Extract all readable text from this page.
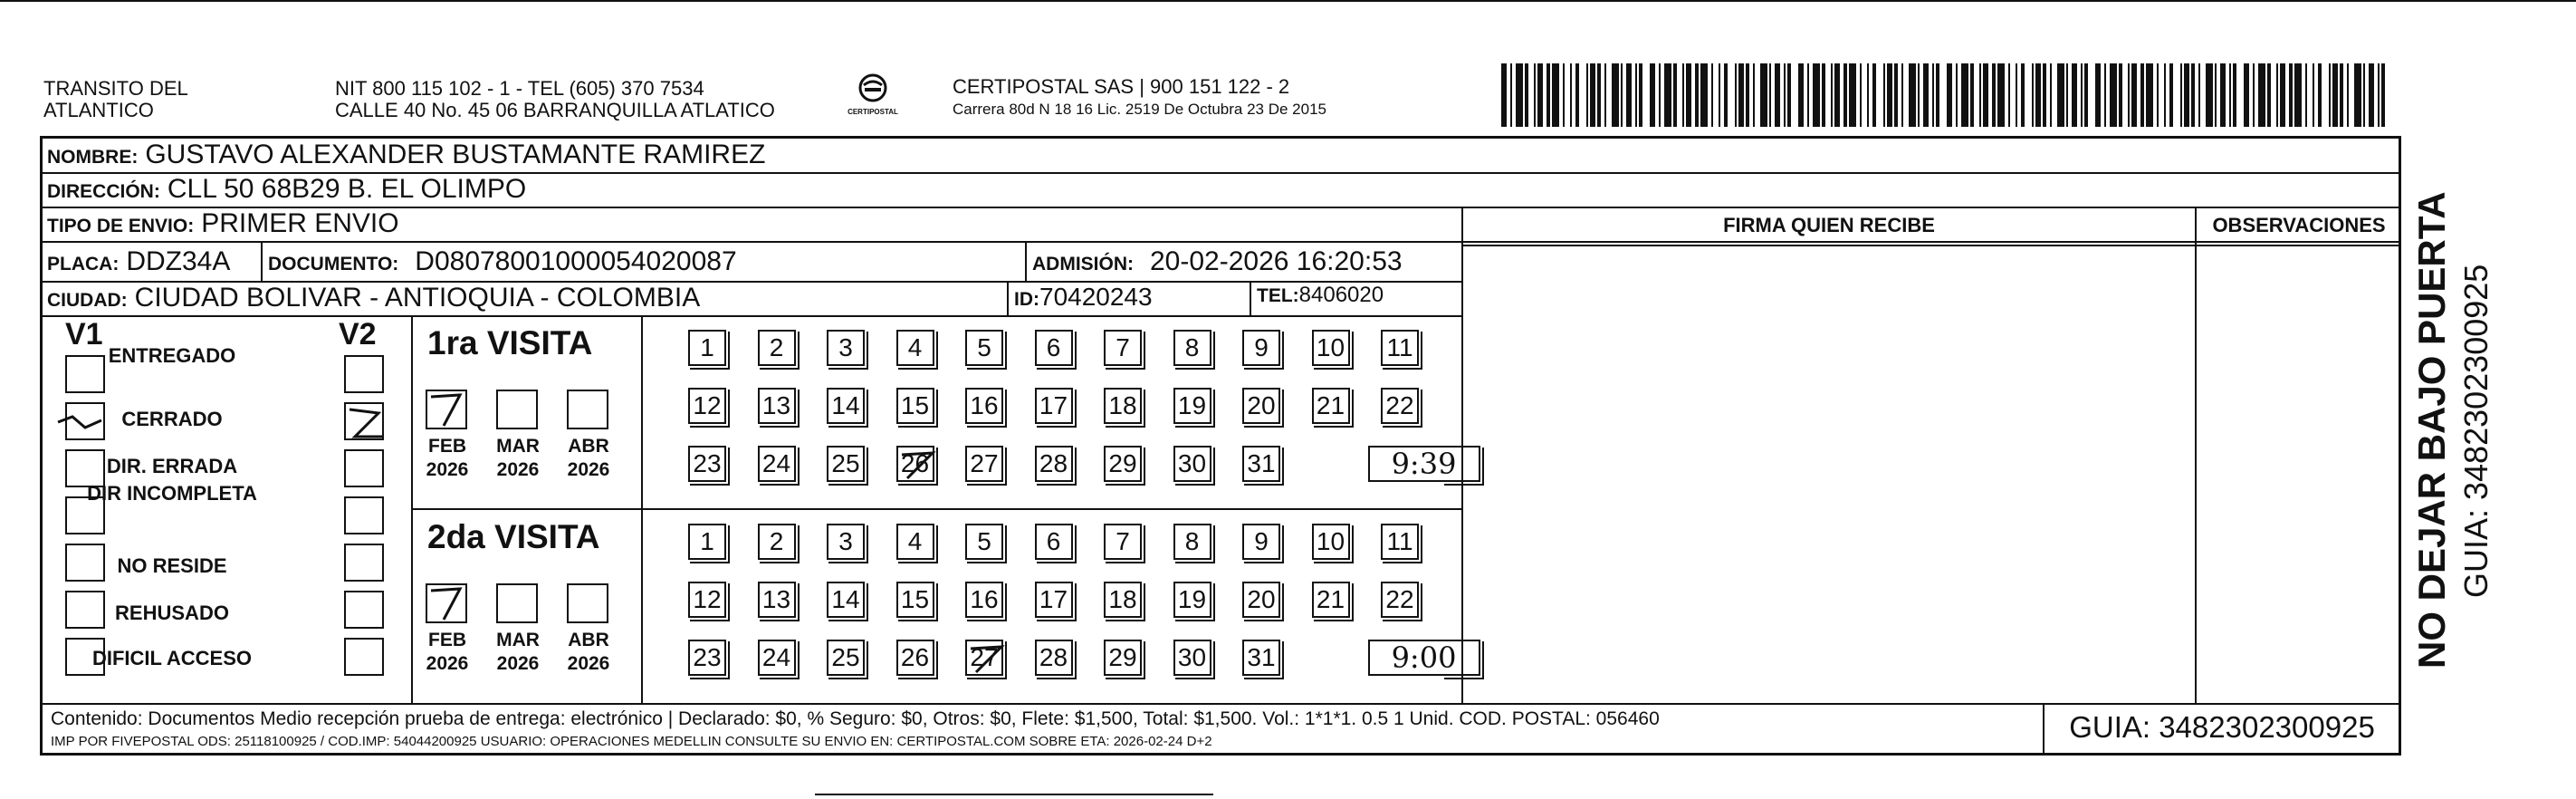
TRANSITO DEL
ATLANTICO
NIT 800 115 102 - 1 - TEL (605) 370 7534
CALLE 40 No. 45 06 BARRANQUILLA ATLATICO	CERTIPOSTAL
CERTIPOSTAL SAS | 900 151 122 - 2
Carrera 80d N 18 16 Lic. 2519 De Octubra 23 De 2015
NOMBRE: GUSTAVO ALEXANDER BUSTAMANTE RAMIREZ
DIRECCIÓN: CLL 50 68B29 B. EL OLIMPO
TIPO DE ENVIO: PRIMER ENVIO
PLACA: DDZ34A DOCUMENTO: D08078001000054020087	ADMISIÓN: 20-02-2026 16:20:53
CIUDAD: CIUDAD BOLIVAR - ANTIOQUIA - COLOMBIA	ID: 70420243	TEL: 8406020
FIRMA QUIEN RECIBE	OBSERVACIONES
V1	V2
ENTREGADO
CERRADO
DIR. ERRADA
DIR INCOMPLETA
NO RESIDE
REHUSADO
DIFICIL ACCESO
1ra VISITA
FEB
2026
MAR
2026
ABR
2026
1	2	3	4	5	6	7	8	9	10 11
12 13 14 15 16 17 18 19 20 21 22
23 24 25 26 27 28 29 30 31	9:39
2da VISITA
FEB
2026
MAR
2026
ABR
2026
1	2	3	4	5	6	7	8	9	10 11
12 13 14 15 16 17 18 19 20 21 22
23 24 25 26 27 28 29 30 31	9:00
Contenido: Documentos Medio recepción prueba de entrega: electrónico | Declarado: $0, % Seguro: $0, Otros: $0, Flete: $1,500, Total: $1,500. Vol.: 1*1*1. 0.5 1 Unid. COD. POSTAL: 056460
IMP POR FIVEPOSTAL ODS: 25118100925 / COD.IMP: 54044200925 USUARIO: OPERACIONES MEDELLIN CONSULTE SU ENVIO EN: CERTIPOSTAL.COM SOBRE ETA: 2026-02-24 D+2	GUIA: 3482302300925
NO DEJAR BAJO PUERTA GUIA: 3482302300925
